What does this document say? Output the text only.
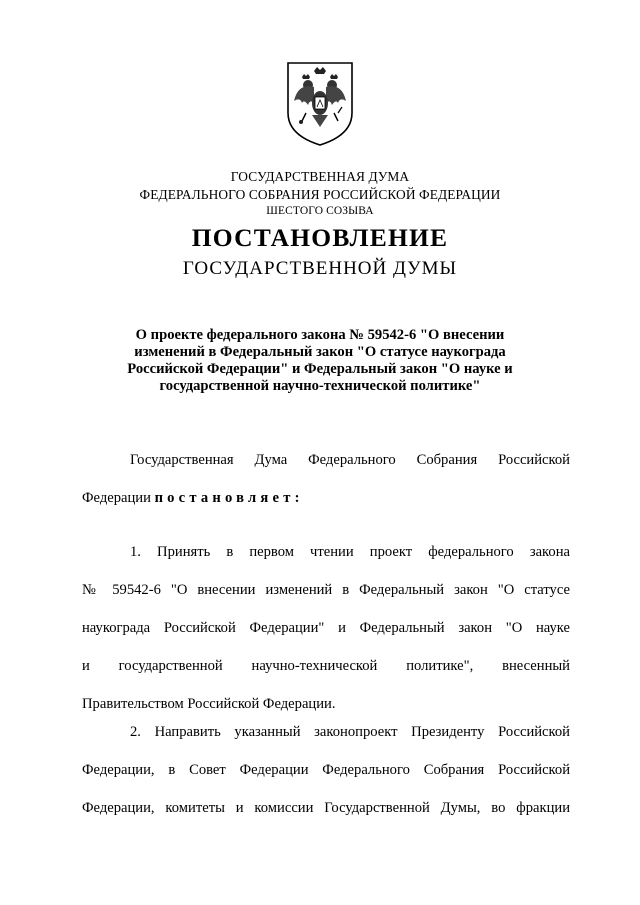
ГОСУДАРСТВЕННАЯ ДУМА
ФЕДЕРАЛЬНОГО СОБРАНИЯ РОССИЙСКОЙ ФЕДЕРАЦИИ
ШЕСТОГО СОЗЫВА
ПОСТАНОВЛЕНИЕ
ГОСУДАРСТВЕННОЙ ДУМЫ
О проекте федерального закона № 59542-6 "О внесении
изменений в Федеральный закон "О статусе наукограда
Российской Федерации" и Федеральный закон "О науке и
государственной научно-технической политике"
Государственная Дума Федерального Собрания Российской
Федерации постановляет:
1. Принять в первом чтении проект федерального закона
№ 59542-6 "О внесении изменений в Федеральный закон "О статусе
наукограда Российской Федерации" и Федеральный закон "О науке
и государственной научно-технической политике", внесенный
Правительством Российской Федерации.
2. Направить указанный законопроект Президенту Российской
Федерации, в Совет Федерации Федерального Собрания Российской
Федерации, комитеты и комиссии Государственной Думы, во фракции
